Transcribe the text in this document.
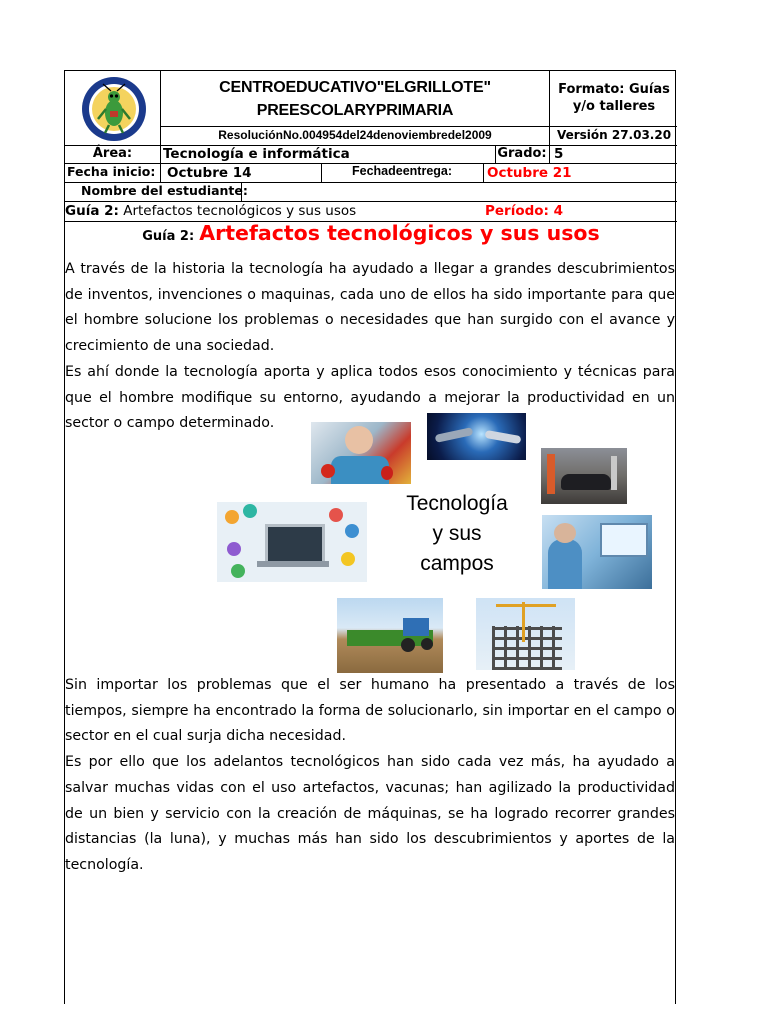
CENTROEDUCATIVO"ELGRILLOTE"
PREESCOLARYPRIMARIA
ResoluciónNo.004954del24denoviembredel2009
Formato: Guías y/o talleres
Versión 27.03.20
Área:	Tecnología e informática	Grado: 5
Fecha inicio: Octubre 14	Fechadeentrega:	Octubre 21
Nombre del estudiante:
Guía 2: Artefactos tecnológicos y sus usos	Período: 4
Guía 2: Artefactos tecnológicos y sus usos

A través de la historia la tecnología ha ayudado a llegar a grandes descubrimientos de inventos, invenciones o maquinas, cada uno de ellos ha sido importante para que el hombre solucione los problemas o necesidades que han surgido con el avance y crecimiento de una sociedad.

Es ahí donde la tecnología aporta y aplica todos esos conocimiento y técnicas para que el hombre modifique su entorno, ayudando a mejorar la productividad en un sector o campo determinado.

Tecnología
y sus
campos

Sin importar los problemas que el ser humano ha presentado a través de los tiempos, siempre ha encontrado la forma de solucionarlo, sin importar en el campo o sector en el cual surja dicha necesidad.

Es por ello que los adelantos tecnológicos han sido cada vez más, ha ayudado a salvar muchas vidas con el uso artefactos, vacunas; han agilizado la productividad de un bien y servicio con la creación de máquinas, se ha logrado recorrer grandes distancias (la luna), y muchas más han sido los descubrimientos y aportes de la tecnología.
